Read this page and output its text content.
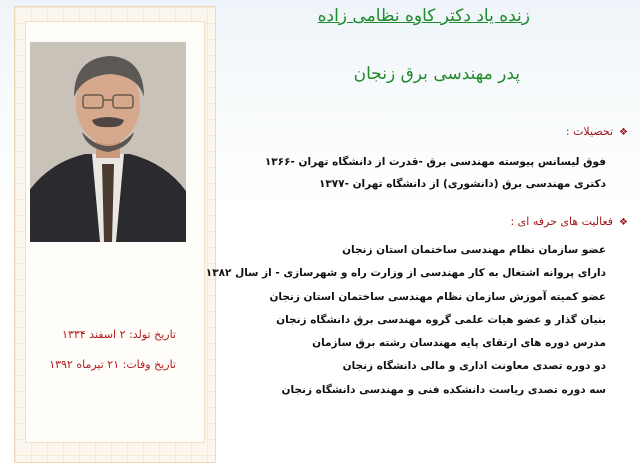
تاریخ تولد: ۲ اسفند ۱۳۳۴
تاریخ وفات: ۲۱ تیرماه ۱۳۹۲
زنده یاد دکتر کاوه نظامی زاده
پدر مهندسی برق زنجان
❖تحصیلات :
فوق لیسانس پیوسته مهندسی برق -قدرت از دانشگاه تهران -۱۳۶۶
دکتری مهندسی برق (دانشوری) از دانشگاه تهران -۱۳۷۷
❖فعالیت های حرفه ای :
عضو سازمان نظام مهندسی ساختمان استان زنجان
دارای پروانه اشتغال به کار مهندسی از وزارت راه و شهرسازی - از سال ۱۳۸۲
عضو کمیته آموزش سازمان نظام مهندسی ساختمان استان زنجان
بنیان گذار و عضو هیات علمی گروه مهندسی برق دانشگاه زنجان
مدرس دوره های ارتقای پایه مهندسان رشته برق سازمان
دو دوره تصدی معاونت اداری و مالی دانشگاه زنجان
سه دوره تصدی ریاست دانشکده فنی و مهندسی دانشگاه زنجان
